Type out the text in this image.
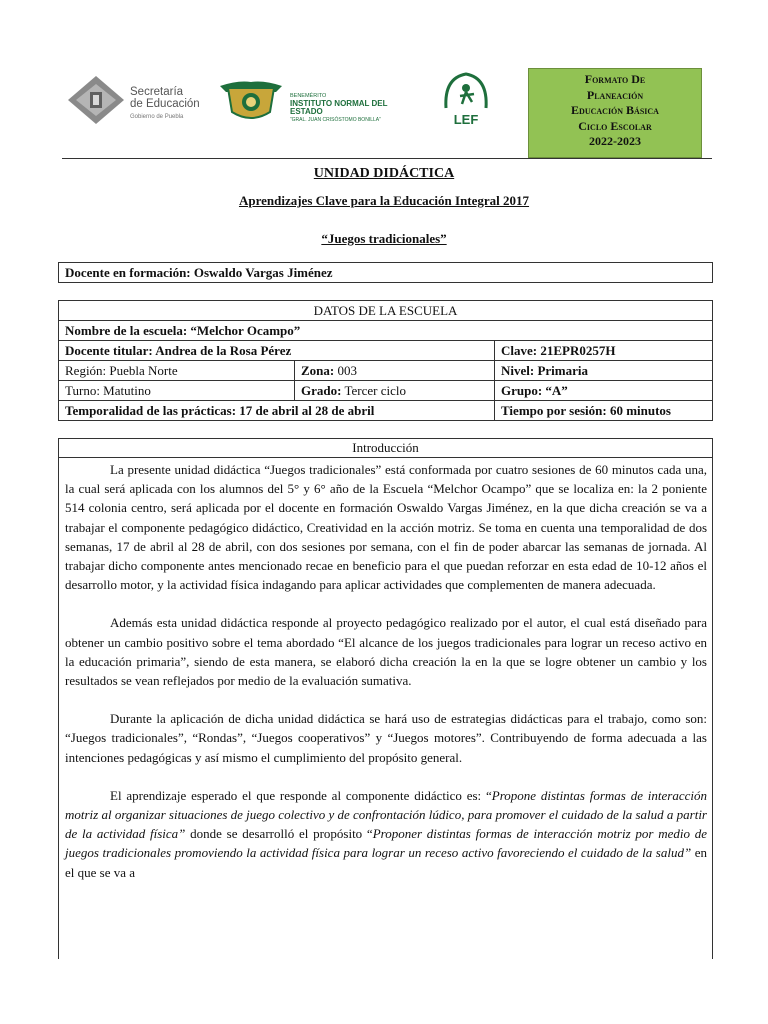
Secretaría
de Educación
Gobierno de Puebla
BENEMÉRITO
INSTITUTO NORMAL DEL ESTADO
“GRAL. JUAN CRISÓSTOMO BONILLA”	LEF
Formato De
Planeación
Educación Básica
Ciclo Escolar
2022-2023
UNIDAD DIDÁCTICA
Aprendizajes Clave para la Educación Integral 2017
“Juegos tradicionales”
Docente en formación: Oswaldo Vargas Jiménez
DATOS DE LA ESCUELA		
Nombre de la escuela: “Melchor Ocampo”		
Docente titular: Andrea de la Rosa Pérez		Clave: 21EPR0257H
Región: Puebla Norte	Zona: 003	Nivel: Primaria
Turno: Matutino	Grado: Tercer ciclo	Grupo: “A”
Temporalidad de las prácticas: 17 de abril al 28 de abril		Tiempo por sesión: 60 minutos
Introducción

La presente unidad didáctica “Juegos tradicionales” está conformada por cuatro sesiones de 60 minutos cada una, la cual será aplicada con los alumnos del 5° y 6° año de la Escuela “Melchor Ocampo” que se localiza en: la 2 poniente 514 colonia centro, será aplicada por el docente en formación Oswaldo Vargas Jiménez, en la que dicha creación se va a trabajar el componente pedagógico didáctico, Creatividad en la acción motriz. Se toma en cuenta una temporalidad de dos semanas, 17 de abril al 28 de abril, con dos sesiones por semana, con el fin de poder abarcar las semanas de jornada. Al trabajar dicho componente antes mencionado recae en beneficio para el que puedan reforzar en esta edad de 10-12 años el desarrollo motor, y la actividad física indagando para aplicar actividades que complementen de manera adecuada.

Además esta unidad didáctica responde al proyecto pedagógico realizado por el autor, el cual está diseñado para obtener un cambio positivo sobre el tema abordado “El alcance de los juegos tradicionales para lograr un receso activo en la educación primaria”, siendo de esta manera, se elaboró dicha creación la en la que se logre obtener un cambio y los resultados se vean reflejados por medio de la evaluación sumativa.

Durante la aplicación de dicha unidad didáctica se hará uso de estrategias didácticas para el trabajo, como son: “Juegos tradicionales”, “Rondas”, “Juegos cooperativos” y “Juegos motores”. Contribuyendo de forma adecuada a las intenciones pedagógicas y así mismo el cumplimiento del propósito general.

El aprendizaje esperado el que responde al componente didáctico es: “Propone distintas formas de interacción motriz al organizar situaciones de juego colectivo y de confrontación lúdico, para promover el cuidado de la salud a partir de la actividad física” donde se desarrolló el propósito “Proponer distintas formas de interacción motriz por medio de juegos tradicionales promoviendo la actividad física para lograr un receso activo favoreciendo el cuidado de la salud” en el que se va a
